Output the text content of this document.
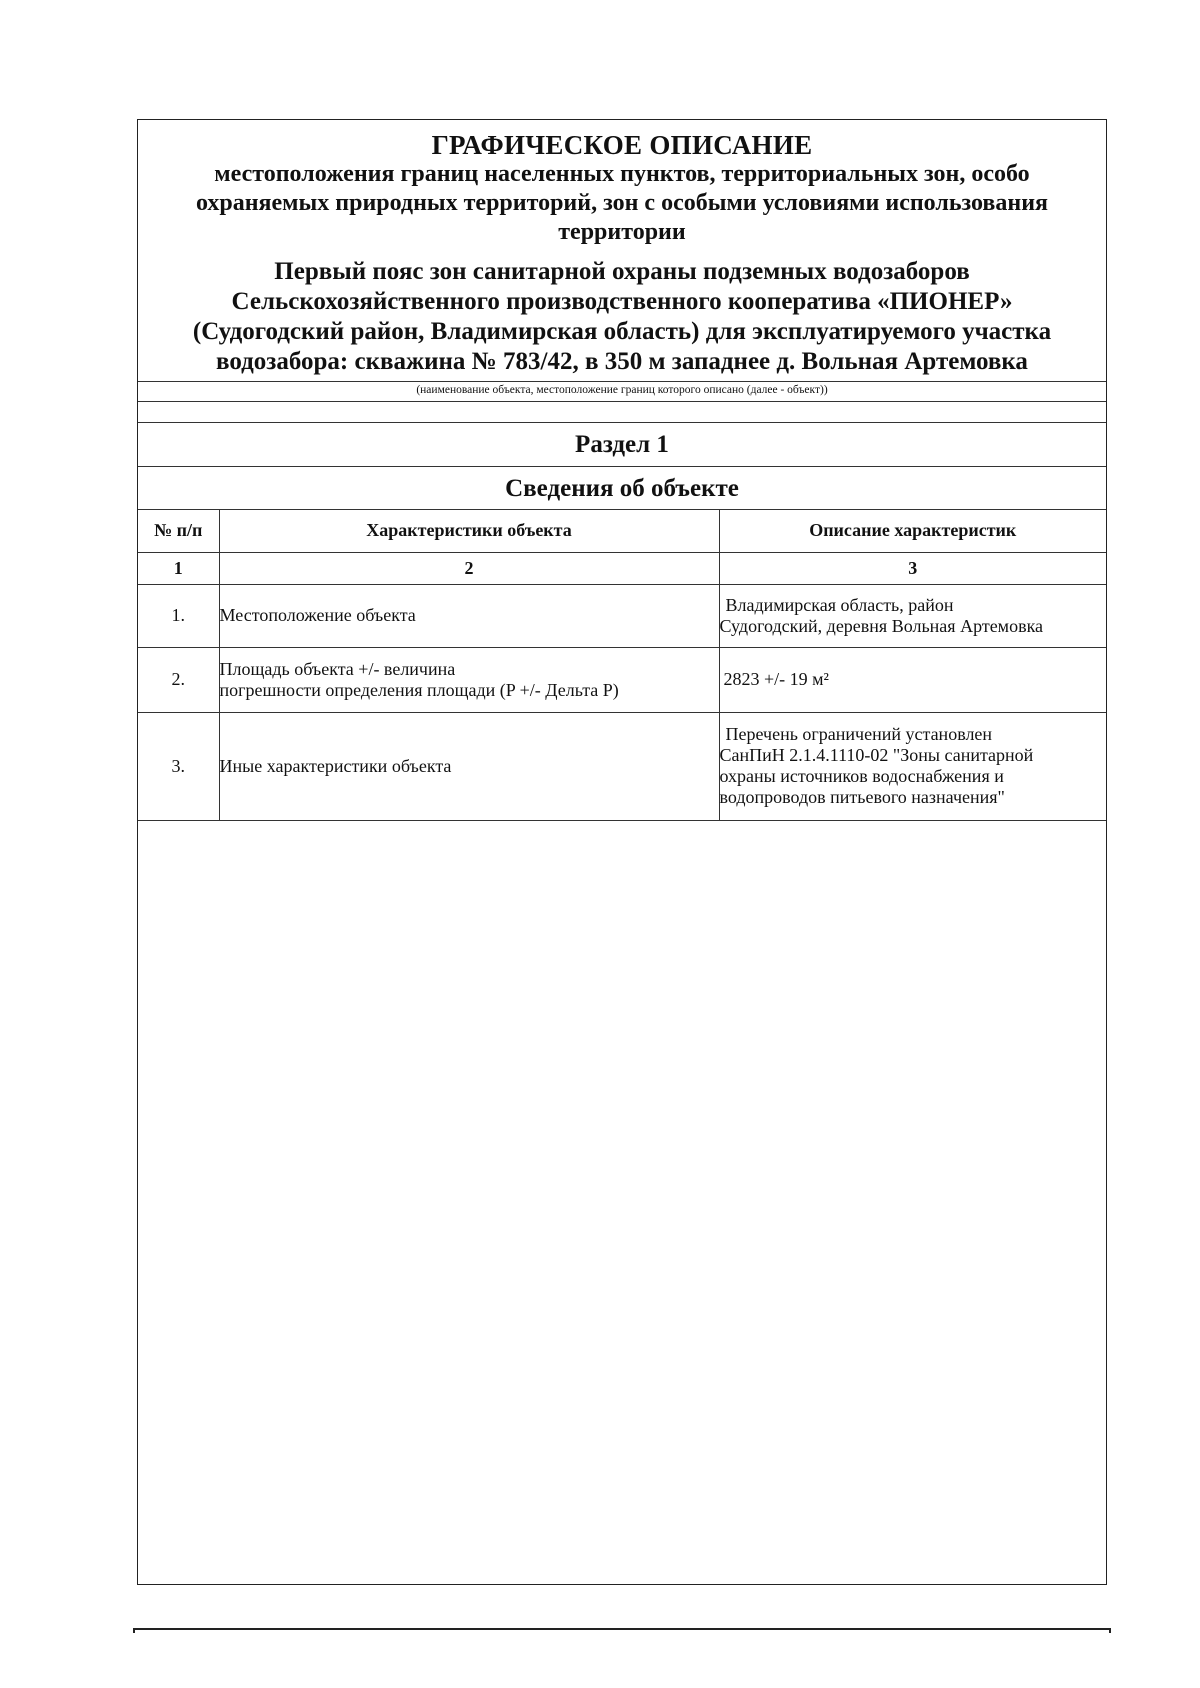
ГРАФИЧЕСКОЕ ОПИСАНИЕ
местоположения границ населенных пунктов, территориальных зон, особо
охраняемых природных территорий, зон с особыми условиями использования
территории
Первый пояс зон санитарной охраны подземных водозаборов
Сельскохозяйственного производственного кооператива «ПИОНЕР»
(Судогодский район, Владимирская область) для эксплуатируемого участка
водозабора: скважина № 783/42, в 350 м западнее д. Вольная Артемовка
(наименование объекта, местоположение границ которого описано (далее - объект))
Раздел 1
Сведения об объекте
№ п/п	Характеристики объекта	Описание характеристик
1	2	3
1.	Местоположение объекта	Владимирская область, район
Судогодский, деревня Вольная Артемовка

2.	Площадь объекта +/- величина
погрешности определения площади (P +/- Дельта P)	2823 +/- 19 м²

3.	Иные характеристики объекта	Перечень ограничений установлен
СанПиН 2.1.4.1110-02 "Зоны санитарной
охраны источников водоснабжения и
водопроводов питьевого назначения"
